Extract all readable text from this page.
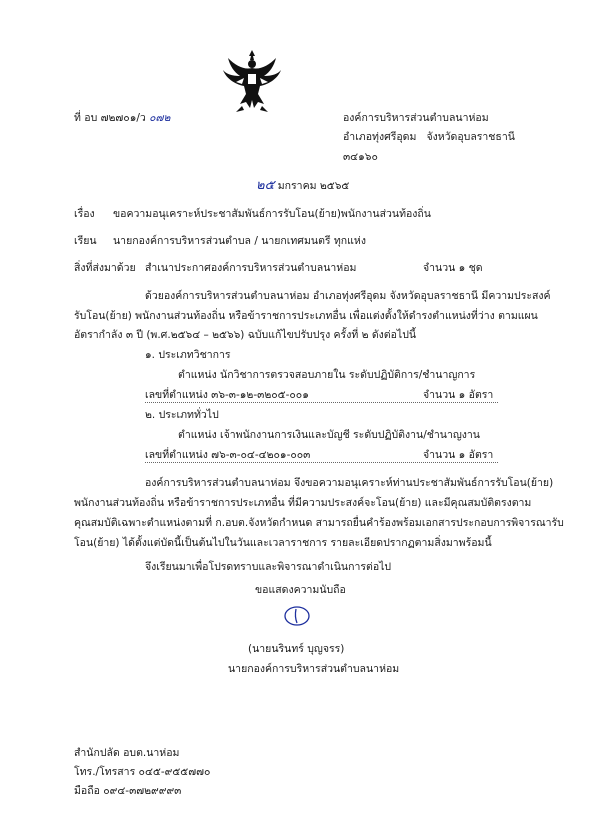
ที่ อบ ๗๒๗๐๑/ว ๐๗๒	องค์การบริหารส่วนตำบลนาห่อม
อำเภอทุ่งศรีอุดม จังหวัดอุบลราชธานี
๓๔๑๖๐
๒๕ มกราคม ๒๕๖๕
เรื่อง ขอความอนุเคราะห์ประชาสัมพันธ์การรับโอน(ย้าย)พนักงานส่วนท้องถิ่น
เรียน นายกองค์การบริหารส่วนตำบล / นายกเทศมนตรี ทุกแห่ง
สิ่งที่ส่งมาด้วย สำเนาประกาศองค์การบริหารส่วนตำบลนาห่อม	จำนวน ๑ ชุด
ด้วยองค์การบริหารส่วนตำบลนาห่อม อำเภอทุ่งศรีอุดม จังหวัดอุบลราชธานี มีความประสงค์
รับโอน(ย้าย) พนักงานส่วนท้องถิ่น หรือข้าราชการประเภทอื่น เพื่อแต่งตั้งให้ดำรงตำแหน่งที่ว่าง ตามแผน
อัตรากำลัง ๓ ปี (พ.ศ.๒๕๖๔ – ๒๕๖๖) ฉบับแก้ไขปรับปรุง ครั้งที่ ๒ ดังต่อไปนี้
๑. ประเภทวิชาการ
ตำแหน่ง นักวิชาการตรวจสอบภายใน ระดับปฏิบัติการ/ชำนาญการ
เลขที่ตำแหน่ง ๓๖-๓-๑๒-๓๒๐๕-๐๐๑	จำนวน ๑ อัตรา
๒. ประเภททั่วไป
ตำแหน่ง เจ้าพนักงานการเงินและบัญชี ระดับปฏิบัติงาน/ชำนาญงาน
เลขที่ตำแหน่ง ๗๖-๓-๐๔-๔๒๐๑-๐๐๓	จำนวน ๑ อัตรา
องค์การบริหารส่วนตำบลนาห่อม จึงขอความอนุเคราะห์ท่านประชาสัมพันธ์การรับโอน(ย้าย)
พนักงานส่วนท้องถิ่น หรือข้าราชการประเภทอื่น ที่มีความประสงค์จะโอน(ย้าย) และมีคุณสมบัติตรงตาม
คุณสมบัติเฉพาะตำแหน่งตามที่ ก.อบต.จังหวัดกำหนด สามารถยื่นคำร้องพร้อมเอกสารประกอบการพิจารณารับ
โอน(ย้าย) ได้ตั้งแต่บัดนี้เป็นต้นไปในวันและเวลาราชการ รายละเอียดปรากฏตามสิ่งมาพร้อมนี้
จึงเรียนมาเพื่อโปรดทราบและพิจารณาดำเนินการต่อไป
ขอแสดงความนับถือ
(นายนรินทร์ บุญจรร)
นายกองค์การบริหารส่วนตำบลนาห่อม
สำนักปลัด อบต.นาห่อม
โทร./โทรสาร ๐๔๕-๙๕๕๗๗๐
มือถือ ๐๙๔-๓๗๒๙๙๙๓
